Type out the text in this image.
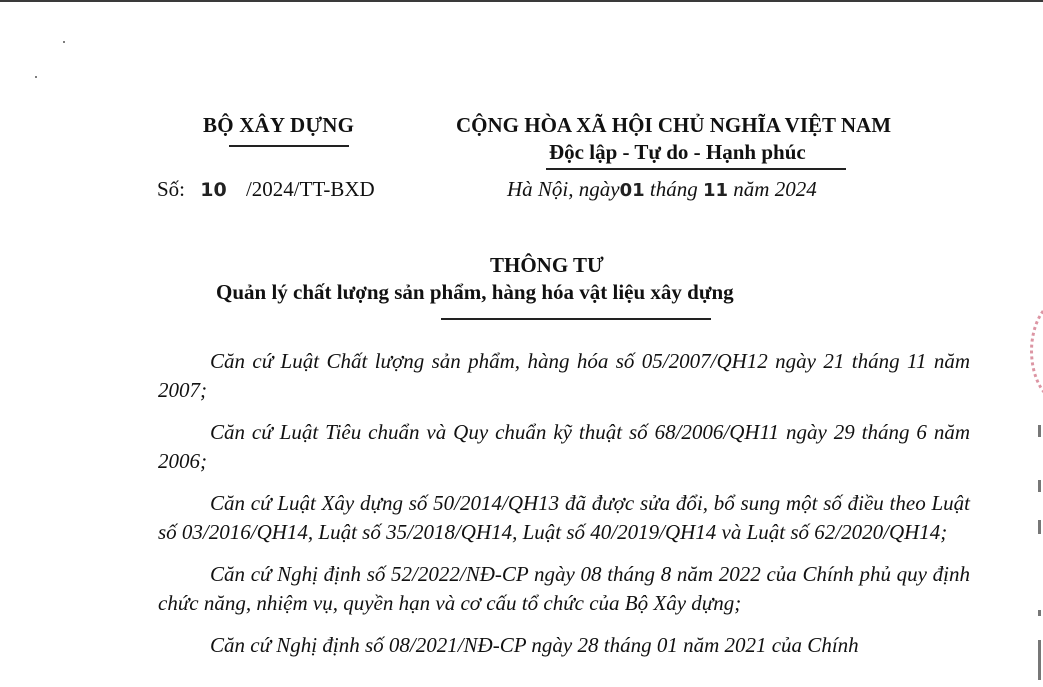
BỘ XÂY DỰNG	CỘNG HÒA XÃ HỘI CHỦ NGHĨA VIỆT NAM
Độc lập - Tự do - Hạnh phúc
Số: 10 /2024/TT-BXD	Hà Nội, ngày01 tháng 11 năm 2024
THÔNG TƯ
Quản lý chất lượng sản phẩm, hàng hóa vật liệu xây dựng

Căn cứ Luật Chất lượng sản phẩm, hàng hóa số 05/2007/QH12 ngày 21 tháng 11 năm 2007;

Căn cứ Luật Tiêu chuẩn và Quy chuẩn kỹ thuật số 68/2006/QH11 ngày 29 tháng 6 năm 2006;

Căn cứ Luật Xây dựng số 50/2014/QH13 đã được sửa đổi, bổ sung một số điều theo Luật số 03/2016/QH14, Luật số 35/2018/QH14, Luật số 40/2019/QH14 và Luật số 62/2020/QH14;

Căn cứ Nghị định số 52/2022/NĐ-CP ngày 08 tháng 8 năm 2022 của Chính phủ quy định chức năng, nhiệm vụ, quyền hạn và cơ cấu tổ chức của Bộ Xây dựng;

Căn cứ Nghị định số 08/2021/NĐ-CP ngày 28 tháng 01 năm 2021 của Chính
